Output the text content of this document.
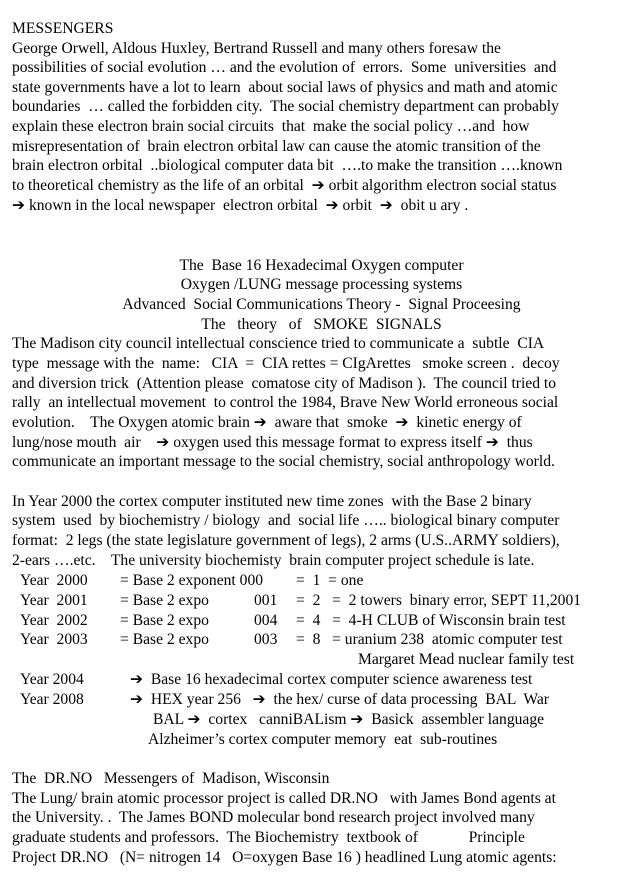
MESSENGERS
George Orwell, Aldous Huxley, Bertrand Russell and many others foresaw the
possibilities of social evolution … and the evolution of  errors.  Some  universities  and
state governments have a lot to learn  about social laws of physics and math and atomic
boundaries  … called the forbidden city.  The social chemistry department can probably
explain these electron brain social circuits  that  make the social policy …and  how
misrepresentation of  brain electron orbital law can cause the atomic transition of the
brain electron orbital  ..biological computer data bit  ….to make the transition ….known
to theoretical chemistry as the life of an orbital  ➔ orbit algorithm electron social status
➔ known in the local newspaper  electron orbital  ➔ orbit  ➔  obit u ary .
The  Base 16 Hexadecimal Oxygen computer
Oxygen /LUNG message processing systems
Advanced  Social Communications Theory -  Signal Proceesing
The   theory   of   SMOKE  SIGNALS
The Madison city council intellectual conscience tried to communicate a  subtle  CIA
type  message with the  name:   CIA  =  CIA rettes = CIgArettes   smoke screen .  decoy
and diversion trick  (Attention please  comatose city of Madison ).  The council tried to
rally  an intellectual movement  to control the 1984, Brave New World erroneous social
evolution.    The Oxygen atomic brain ➔  aware that  smoke  ➔  kinetic energy of
lung/nose mouth  air    ➔ oxygen used this message format to express itself ➔  thus
communicate an important message to the social chemistry, social anthropology world.
In Year 2000 the cortex computer instituted new time zones  with the Base 2 binary
system  used  by biochemistry / biology  and  social life ….. biological binary computer
format:  2 legs (the state legislature government of legs), 2 arms (U.S..ARMY soldiers),
2-ears ….etc.    The university biochemisty  brain computer project schedule is late.
Year  2000 = Base 2 exponent 000 =  1  = one
Year  2001 = Base 2 expo	001 =  2   =  2 towers  binary error, SEPT 11,2001
Year  2002 = Base 2 expo	004 =  4   =  4-H CLUB of Wisconsin brain test
Year  2003 = Base 2 expo	003 =  8   = uranium 238  atomic computer test
Margaret Mead nuclear family test
Year 2004	➔  Base 16 hexadecimal cortex computer science awareness test
Year 2008	➔  HEX year 256   ➔  the hex/ curse of data processing  BAL  War
BAL ➔  cortex   canniBALism ➔  Basick  assembler language
Alzheimer’s cortex computer memory  eat  sub-routines
The  DR.NO   Messengers of  Madison, Wisconsin
The Lung/ brain atomic processor project is called DR.NO   with James Bond agents at
the University. .  The James BOND molecular bond research project involved many
graduate students and professors.  The Biochemistry  textbook of             Principle
Project DR.NO   (N= nitrogen 14   O=oxygen Base 16 ) headlined Lung atomic agents:
